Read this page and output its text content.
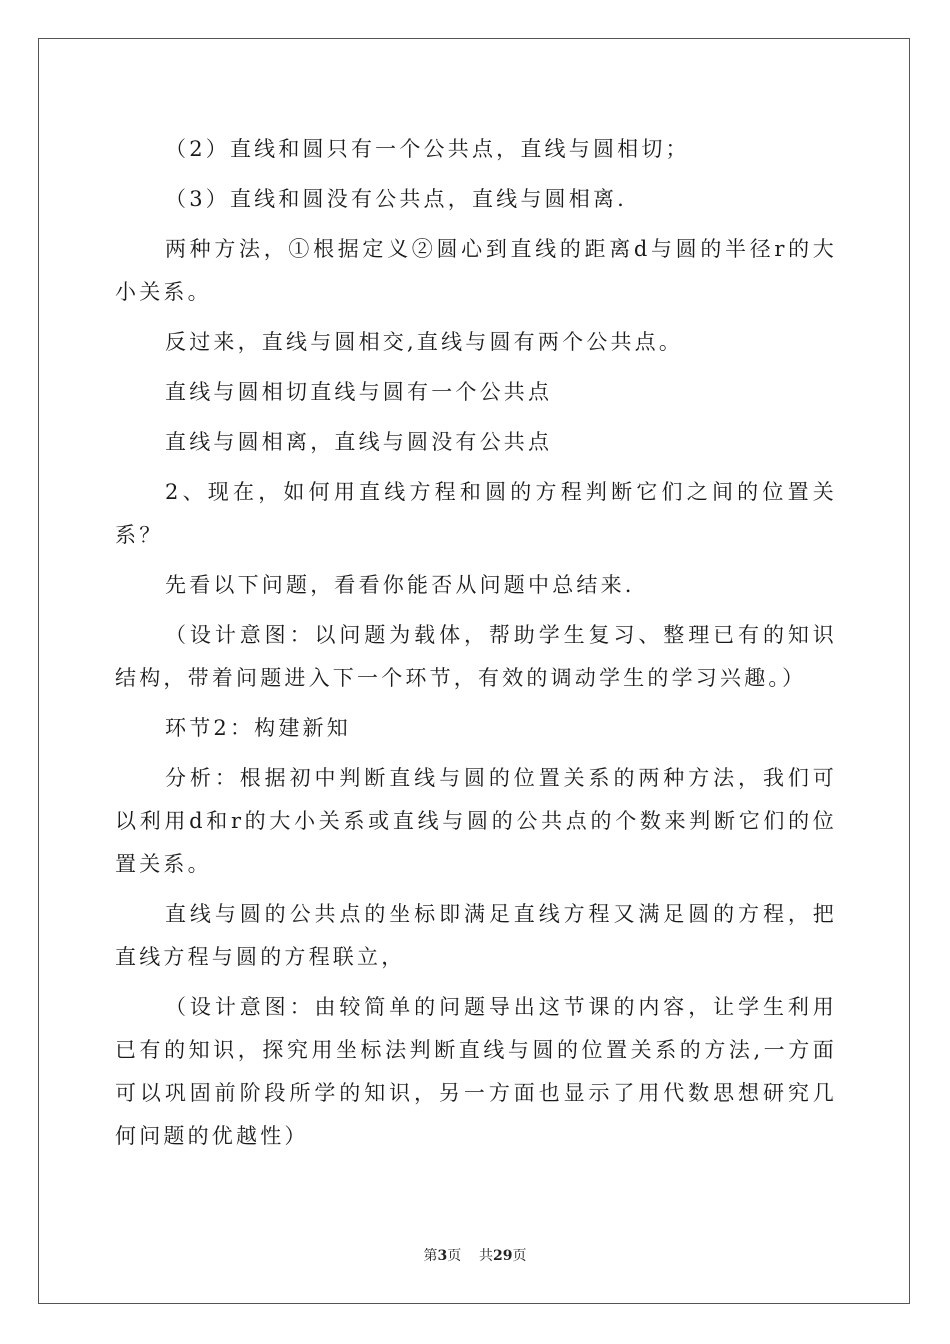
（2）直线和圆只有一个公共点，直线与圆相切；

（3）直线和圆没有公共点，直线与圆相离.

两种方法，①根据定义②圆心到直线的距离d与圆的半径r的大小关系。

反过来，直线与圆相交,直线与圆有两个公共点。

直线与圆相切直线与圆有一个公共点

直线与圆相离，直线与圆没有公共点

2、现在，如何用直线方程和圆的方程判断它们之间的位置关系？

先看以下问题，看看你能否从问题中总结来.

（设计意图：以问题为载体，帮助学生复习、整理已有的知识结构，带着问题进入下一个环节，有效的调动学生的学习兴趣。）

环节2：构建新知

分析：根据初中判断直线与圆的位置关系的两种方法，我们可以利用d和r的大小关系或直线与圆的公共点的个数来判断它们的位置关系。

直线与圆的公共点的坐标即满足直线方程又满足圆的方程，把直线方程与圆的方程联立，

（设计意图：由较简单的问题导出这节课的内容，让学生利用已有的知识，探究用坐标法判断直线与圆的位置关系的方法,一方面可以巩固前阶段所学的知识，另一方面也显示了用代数思想研究几何问题的优越性）

第3页 共29页
